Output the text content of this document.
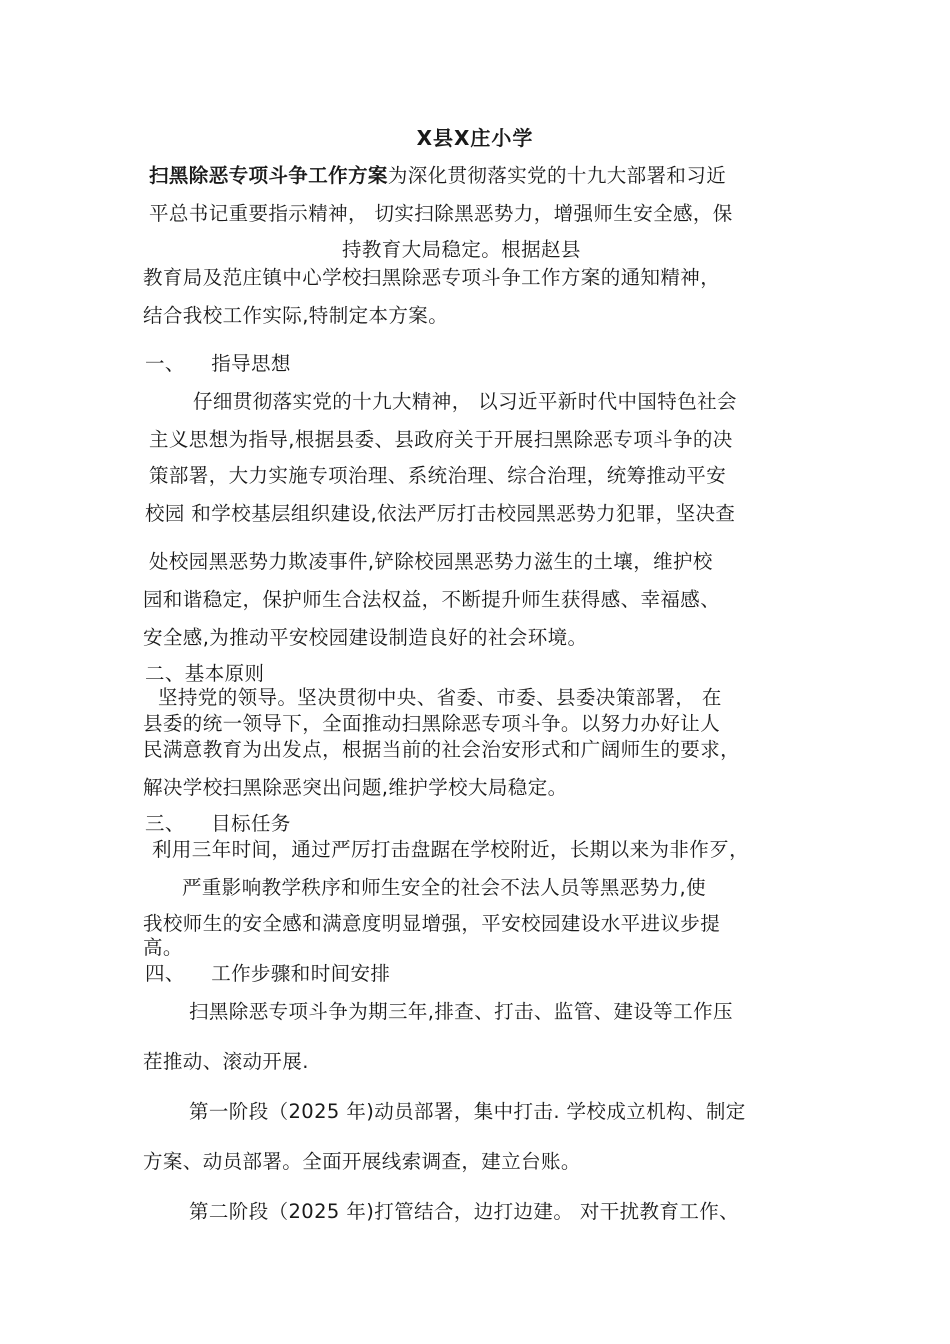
X县X庄小学
扫黑除恶专项斗争工作方案为深化贯彻落实党的十九大部署和习近
平总书记重要指示精神， 切实扫除黑恶势力，增强师生安全感，保
持教育大局稳定。根据赵县
教育局及范庄镇中心学校扫黑除恶专项斗争工作方案的通知精神，
结合我校工作实际,特制定本方案。
一、    指导思想
仔细贯彻落实党的十九大精神， 以习近平新时代中国特色社会
主义思想为指导,根据县委、县政府关于开展扫黑除恶专项斗争的决
策部署，大力实施专项治理、系统治理、综合治理，统筹推动平安
校园 和学校基层组织建设,依法严厉打击校园黑恶势力犯罪，坚决查
处校园黑恶势力欺凌事件,铲除校园黑恶势力滋生的土壤，维护校
园和谐稳定，保护师生合法权益，不断提升师生获得感、幸福感、
安全感,为推动平安校园建设制造良好的社会环境。
二、基本原则
坚持党的领导。坚决贯彻中央、省委、市委、县委决策部署， 在
县委的统一领导下，全面推动扫黑除恶专项斗争。以努力办好让人
民满意教育为出发点，根据当前的社会治安形式和广阔师生的要求，
解决学校扫黑除恶突出问题,维护学校大局稳定。
三、    目标任务
利用三年时间，通过严厉打击盘踞在学校附近，长期以来为非作歹，
严重影响教学秩序和师生安全的社会不法人员等黑恶势力,使
我校师生的安全感和满意度明显增强，平安校园建设水平进议步提
高。
四、    工作步骤和时间安排
扫黑除恶专项斗争为期三年,排查、打击、监管、建设等工作压
茬推动、滚动开展.
第一阶段（2025 年)动员部署，集中打击. 学校成立机构、制定
方案、动员部署。全面开展线索调查，建立台账。
第二阶段（2025 年)打管结合，边打边建。 对干扰教育工作、
